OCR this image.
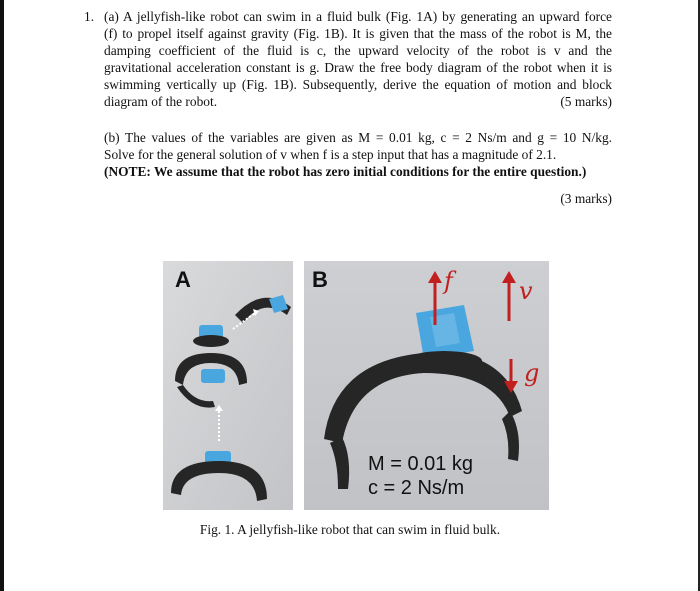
1. (a) A jellyfish-like robot can swim in a fluid bulk (Fig. 1A) by generating an upward force
(f) to propel itself against gravity (Fig. 1B). It is given that the mass of the robot is M, the
damping coefficient of the fluid is c, the upward velocity of the robot is v and the
gravitational acceleration constant is g. Draw the free body diagram of the robot when it is
swimming vertically up (Fig. 1B). Subsequently, derive the equation of motion and block
diagram of the robot.	(5 marks)
(b) The values of the variables are given as M = 0.01 kg, c = 2 Ns/m and g = 10 N/kg.
Solve for the general solution of v when f is a step input that has a magnitude of 2.1.
(NOTE: We assume that the robot has zero initial conditions for the entire question.)
(3 marks)
A	B	f	v
g
M = 0.01 kg
c = 2 Ns/m
Fig. 1. A jellyfish-like robot that can swim in fluid bulk.
